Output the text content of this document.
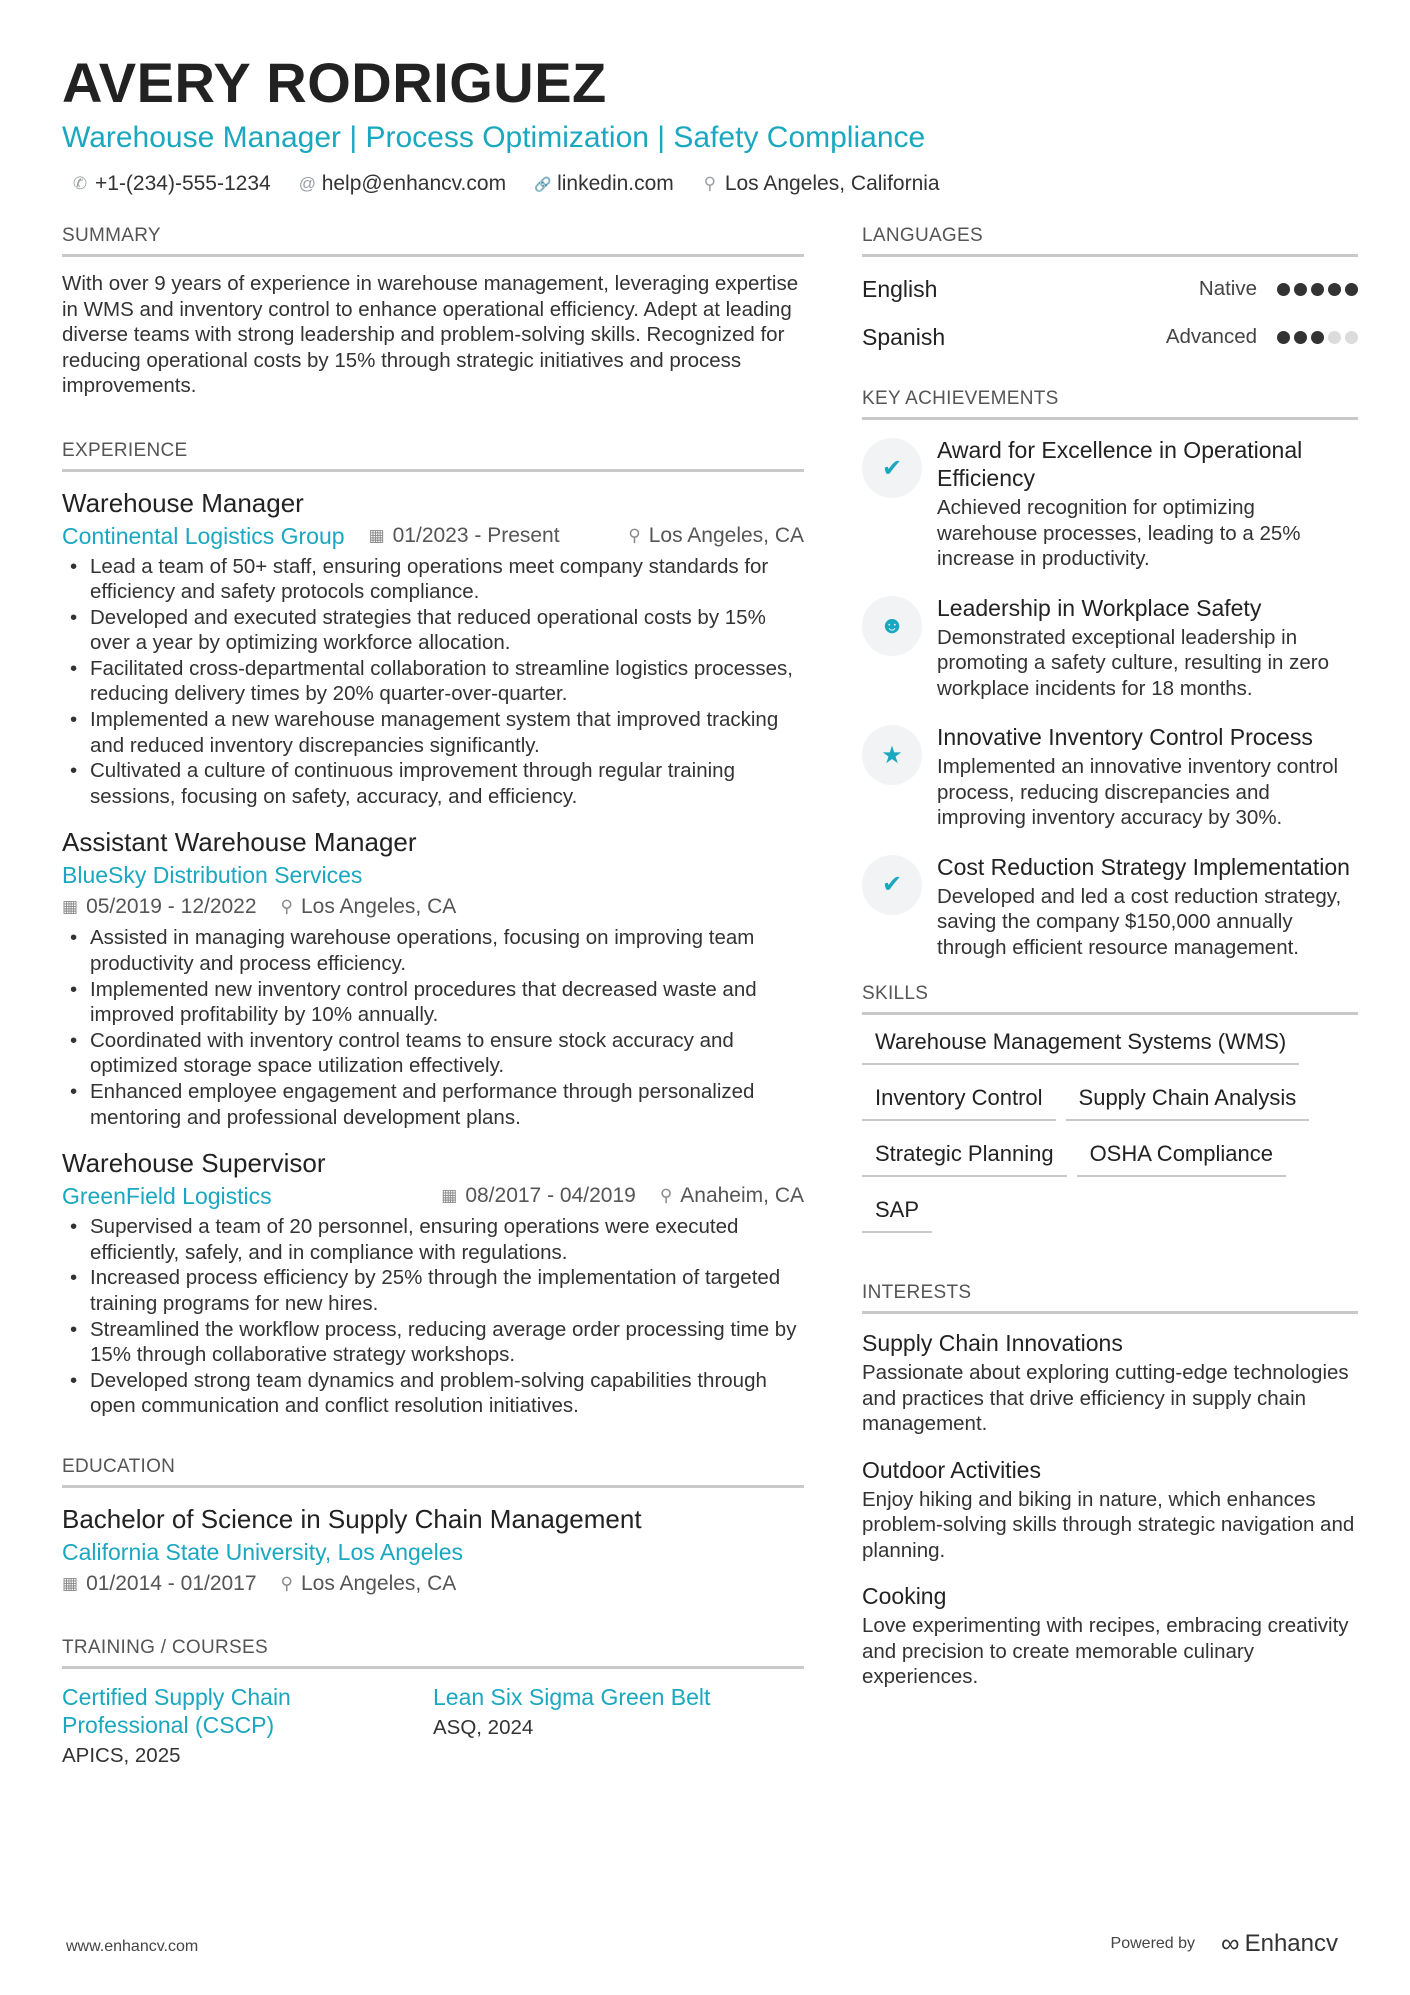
AVERY RODRIGUEZ
Warehouse Manager | Process Optimization | Safety Compliance
✆ +1-(234)-555-1234 @ help@enhancv.com 🔗 linkedin.com ⚲ Los Angeles, California
SUMMARY
With over 9 years of experience in warehouse management, leveraging expertise in WMS and inventory control to enhance operational efficiency. Adept at leading diverse teams with strong leadership and problem-solving skills. Recognized for reducing operational costs by 15% through strategic initiatives and process improvements.
EXPERIENCE
Warehouse Manager
Continental Logistics Group ▦ 01/2023 - Present	⚲ Los Angeles, CA
• Lead a team of 50+ staff, ensuring operations meet company standards for efficiency and safety protocols compliance.
• Developed and executed strategies that reduced operational costs by 15% over a year by optimizing workforce allocation.
• Facilitated cross-departmental collaboration to streamline logistics processes, reducing delivery times by 20% quarter-over-quarter.
• Implemented a new warehouse management system that improved tracking and reduced inventory discrepancies significantly.
• Cultivated a culture of continuous improvement through regular training sessions, focusing on safety, accuracy, and efficiency.
Assistant Warehouse Manager
BlueSky Distribution Services
▦ 05/2019 - 12/2022 ⚲ Los Angeles, CA
• Assisted in managing warehouse operations, focusing on improving team productivity and process efficiency.
• Implemented new inventory control procedures that decreased waste and improved profitability by 10% annually.
• Coordinated with inventory control teams to ensure stock accuracy and optimized storage space utilization effectively.
• Enhanced employee engagement and performance through personalized mentoring and professional development plans.
Warehouse Supervisor
GreenField Logistics	▦ 08/2017 - 04/2019 ⚲ Anaheim, CA
• Supervised a team of 20 personnel, ensuring operations were executed efficiently, safely, and in compliance with regulations.
• Increased process efficiency by 25% through the implementation of targeted training programs for new hires.
• Streamlined the workflow process, reducing average order processing time by 15% through collaborative strategy workshops.
• Developed strong team dynamics and problem-solving capabilities through open communication and conflict resolution initiatives.
EDUCATION
Bachelor of Science in Supply Chain Management
California State University, Los Angeles
▦ 01/2014 - 01/2017 ⚲ Los Angeles, CA
TRAINING / COURSES
Certified Supply Chain Professional (CSCP)
APICS, 2025
Lean Six Sigma Green Belt
ASQ, 2024
LANGUAGES
English	Native
Spanish	Advanced
KEY ACHIEVEMENTS
✔
Award for Excellence in Operational Efficiency
Achieved recognition for optimizing warehouse processes, leading to a 25% increase in productivity.
☻
Leadership in Workplace Safety
Demonstrated exceptional leadership in promoting a safety culture, resulting in zero workplace incidents for 18 months.
★
Innovative Inventory Control Process
Implemented an innovative inventory control process, reducing discrepancies and improving inventory accuracy by 30%.
✔
Cost Reduction Strategy Implementation
Developed and led a cost reduction strategy, saving the company $150,000 annually through efficient resource management.
SKILLS
Warehouse Management Systems (WMS)
Inventory Control	Supply Chain Analysis
Strategic Planning	OSHA Compliance
SAP
INTERESTS
Supply Chain Innovations
Passionate about exploring cutting-edge technologies and practices that drive efficiency in supply chain management.
Outdoor Activities
Enjoy hiking and biking in nature, which enhances problem-solving skills through strategic navigation and planning.
Cooking
Love experimenting with recipes, embracing creativity and precision to create memorable culinary experiences.
www.enhancv.com	Powered by ∞ Enhancv
